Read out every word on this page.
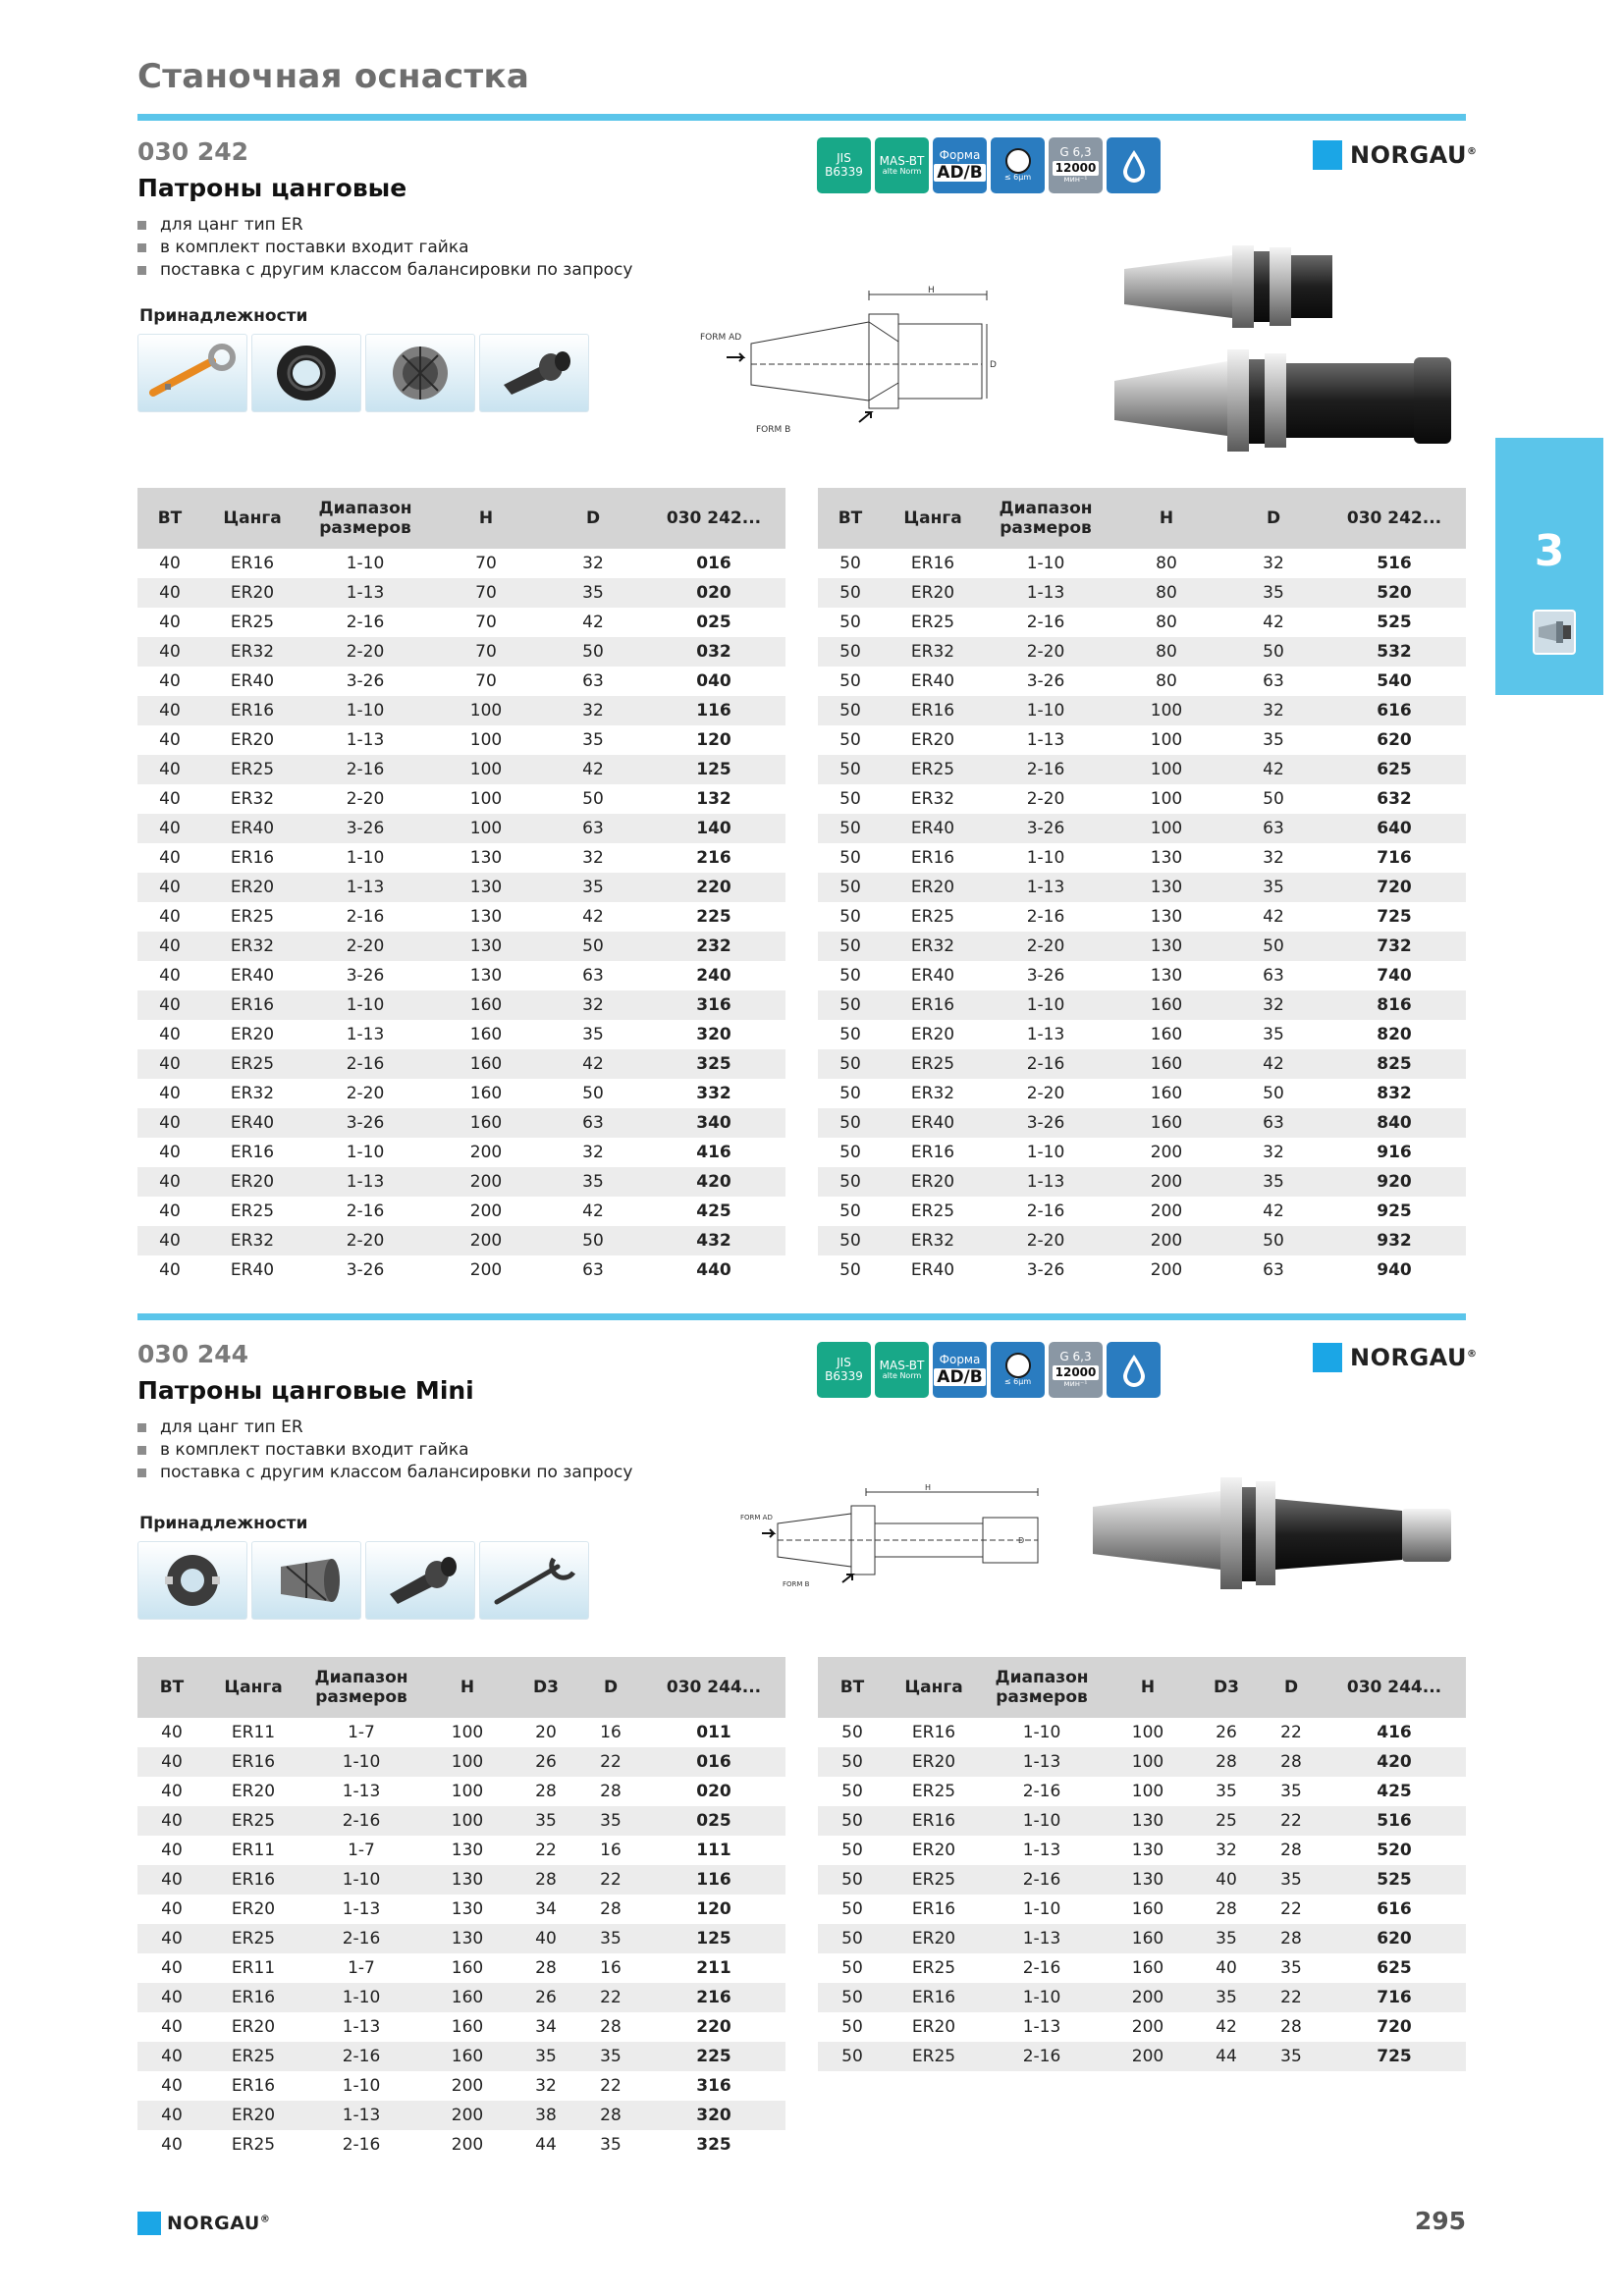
Станочная оснастка
3
030 242
Патроны цанговые
для цанг тип ER
в комплект поставки входит гайка
поставка с другим классом балансировки по запросу
Принадлежности
JIS
B6339
MAS-BT
alte Norm
Форма
AD/B	≤ 6µm
G 6,3
12000
мин⁻¹
NORGAU®
H
D
FORM AD
FORM B
BT	Цанга	Диапазон размеров	H	D	030 242...
40	ER16	1-10	70	32	016
40	ER20	1-13	70	35	020
40	ER25	2-16	70	42	025
40	ER32	2-20	70	50	032
40	ER40	3-26	70	63	040
40	ER16	1-10	100	32	116
40	ER20	1-13	100	35	120
40	ER25	2-16	100	42	125
40	ER32	2-20	100	50	132
40	ER40	3-26	100	63	140
40	ER16	1-10	130	32	216
40	ER20	1-13	130	35	220
40	ER25	2-16	130	42	225
40	ER32	2-20	130	50	232
40	ER40	3-26	130	63	240
40	ER16	1-10	160	32	316
40	ER20	1-13	160	35	320
40	ER25	2-16	160	42	325
40	ER32	2-20	160	50	332
40	ER40	3-26	160	63	340
40	ER16	1-10	200	32	416
40	ER20	1-13	200	35	420
40	ER25	2-16	200	42	425
40	ER32	2-20	200	50	432
40	ER40	3-26	200	63	440
BT	Цанга	Диапазон размеров	H	D	030 242...
50	ER16	1-10	80	32	516
50	ER20	1-13	80	35	520
50	ER25	2-16	80	42	525
50	ER32	2-20	80	50	532
50	ER40	3-26	80	63	540
50	ER16	1-10	100	32	616
50	ER20	1-13	100	35	620
50	ER25	2-16	100	42	625
50	ER32	2-20	100	50	632
50	ER40	3-26	100	63	640
50	ER16	1-10	130	32	716
50	ER20	1-13	130	35	720
50	ER25	2-16	130	42	725
50	ER32	2-20	130	50	732
50	ER40	3-26	130	63	740
50	ER16	1-10	160	32	816
50	ER20	1-13	160	35	820
50	ER25	2-16	160	42	825
50	ER32	2-20	160	50	832
50	ER40	3-26	160	63	840
50	ER16	1-10	200	32	916
50	ER20	1-13	200	35	920
50	ER25	2-16	200	42	925
50	ER32	2-20	200	50	932
50	ER40	3-26	200	63	940
030 244
Патроны цанговые Mini
для цанг тип ER
в комплект поставки входит гайка
поставка с другим классом балансировки по запросу
Принадлежности
JIS
B6339
MAS-BT
alte Norm
Форма
AD/B	≤ 6µm
G 6,3
12000
мин⁻¹
NORGAU®
H
D
FORM AD
FORM B
BT	Цанга	Диапазон размеров	H	D3	D	030 244...
40	ER11	1-7	100	20	16	011
40	ER16	1-10	100	26	22	016
40	ER20	1-13	100	28	28	020
40	ER25	2-16	100	35	35	025
40	ER11	1-7	130	22	16	111
40	ER16	1-10	130	28	22	116
40	ER20	1-13	130	34	28	120
40	ER25	2-16	130	40	35	125
40	ER11	1-7	160	28	16	211
40	ER16	1-10	160	26	22	216
40	ER20	1-13	160	34	28	220
40	ER25	2-16	160	35	35	225
40	ER16	1-10	200	32	22	316
40	ER20	1-13	200	38	28	320
40	ER25	2-16	200	44	35	325
BT	Цанга	Диапазон размеров	H	D3	D	030 244...
50	ER16	1-10	100	26	22	416
50	ER20	1-13	100	28	28	420
50	ER25	2-16	100	35	35	425
50	ER16	1-10	130	25	22	516
50	ER20	1-13	130	32	28	520
50	ER25	2-16	130	40	35	525
50	ER16	1-10	160	28	22	616
50	ER20	1-13	160	35	28	620
50	ER25	2-16	160	40	35	625
50	ER16	1-10	200	35	22	716
50	ER20	1-13	200	42	28	720
50	ER25	2-16	200	44	35	725
NORGAU®	295
